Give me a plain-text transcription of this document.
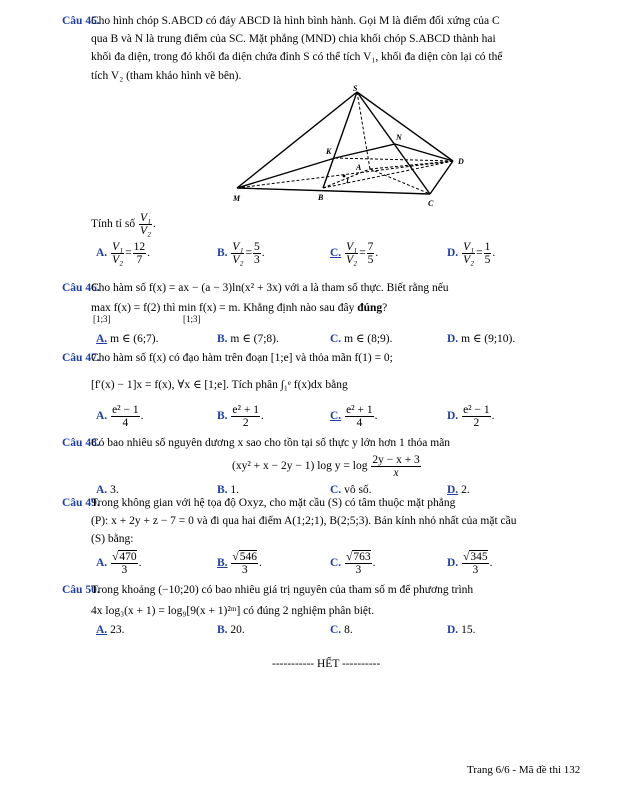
Câu 45.
Cho hình chóp S.ABCD có đáy ABCD là hình bình hành. Gọi M là điểm đối xứng của C
qua B và N là trung điểm của SC. Mặt phẳng (MND) chia khối chóp S.ABCD thành hai
khối đa diện, trong đó khối đa diện chứa đỉnh S có thể tích V₁, khối đa diện còn lại có thể
tích V₂ (tham khảo hình vẽ bên).
S
N
K
A
I
D
M	B
C
Tính tỉ số $\frac{\text{V₁}}{\text{V₂}}$ .
A. $\frac{\text{V₁}}{\text{V₂}} = \frac{12}{7}$ .	B. $\frac{\text{V₁}}{\text{V₂}} = \frac{5}{3}$ .	C. $\frac{\text{V₁}}{\text{V₂}} = \frac{7}{5}$ .	D. $\frac{\text{V₁}}{\text{V₂}} = \frac{1}{5}$ .
Câu 46.
Cho hàm số f(x) = ax − (a − 3)ln(x² + 3x) với a là tham số thực. Biết rằng nếu
max f(x) = f(2) thì min f(x) = m. Khẳng định nào sau đây đúng?
[1;3]	[1;3]
A. m ∈ (6;7).	B. m ∈ (7;8).	C. m ∈ (8;9).	D. m ∈ (9;10).
Câu 47.
Cho hàm số f(x) có đạo hàm trên đoạn [1;e] và thỏa mãn f(1) = 0;
[f′(x) − 1]x = f(x), ∀x ∈ [1;e]. Tích phân ∫₁ᵉ f(x)dx bằng
A. $\frac{\text{e² − 1}}{4}$ .	B. $\frac{\text{e² + 1}}{2}$ .	C. $\frac{\text{e² + 1}}{4}$ .	D. $\frac{\text{e² − 1}}{2}$ .
Câu 48.
Có bao nhiêu số nguyên dương x sao cho tồn tại số thực y lớn hơn 1 thỏa mãn
(xy² + x − 2y − 1) $\log y = \log \frac{2y - x + 3}{x}$
A. 3.	B. 1.	C. vô số.	D. 2.
Câu 49.
Trong không gian với hệ tọa độ Oxyz, cho mặt cầu (S) có tâm thuộc mặt phẳng
(P): x + 2y + z − 7 = 0 và đi qua hai điểm A(1;2;1), B(2;5;3). Bán kính nhỏ nhất của mặt cầu
(S) bằng:
A. $\frac{√470}{3}$ .	B. $\frac{√546}{3}$ .	C. $\frac{√763}{3}$ .	D. $\frac{√345}{3}$ .
Câu 50.
Trong khoảng (−10;20) có bao nhiêu giá trị nguyên của tham số m để phương trình
4x log₃(x + 1) = log₉[9(x + 1)²ᵐ] có đúng 2 nghiệm phân biệt.
A. 23.	B. 20.	C. 8.	D. 15.
----------- HẾT ----------
Trang 6/6 - Mã đề thi 132
